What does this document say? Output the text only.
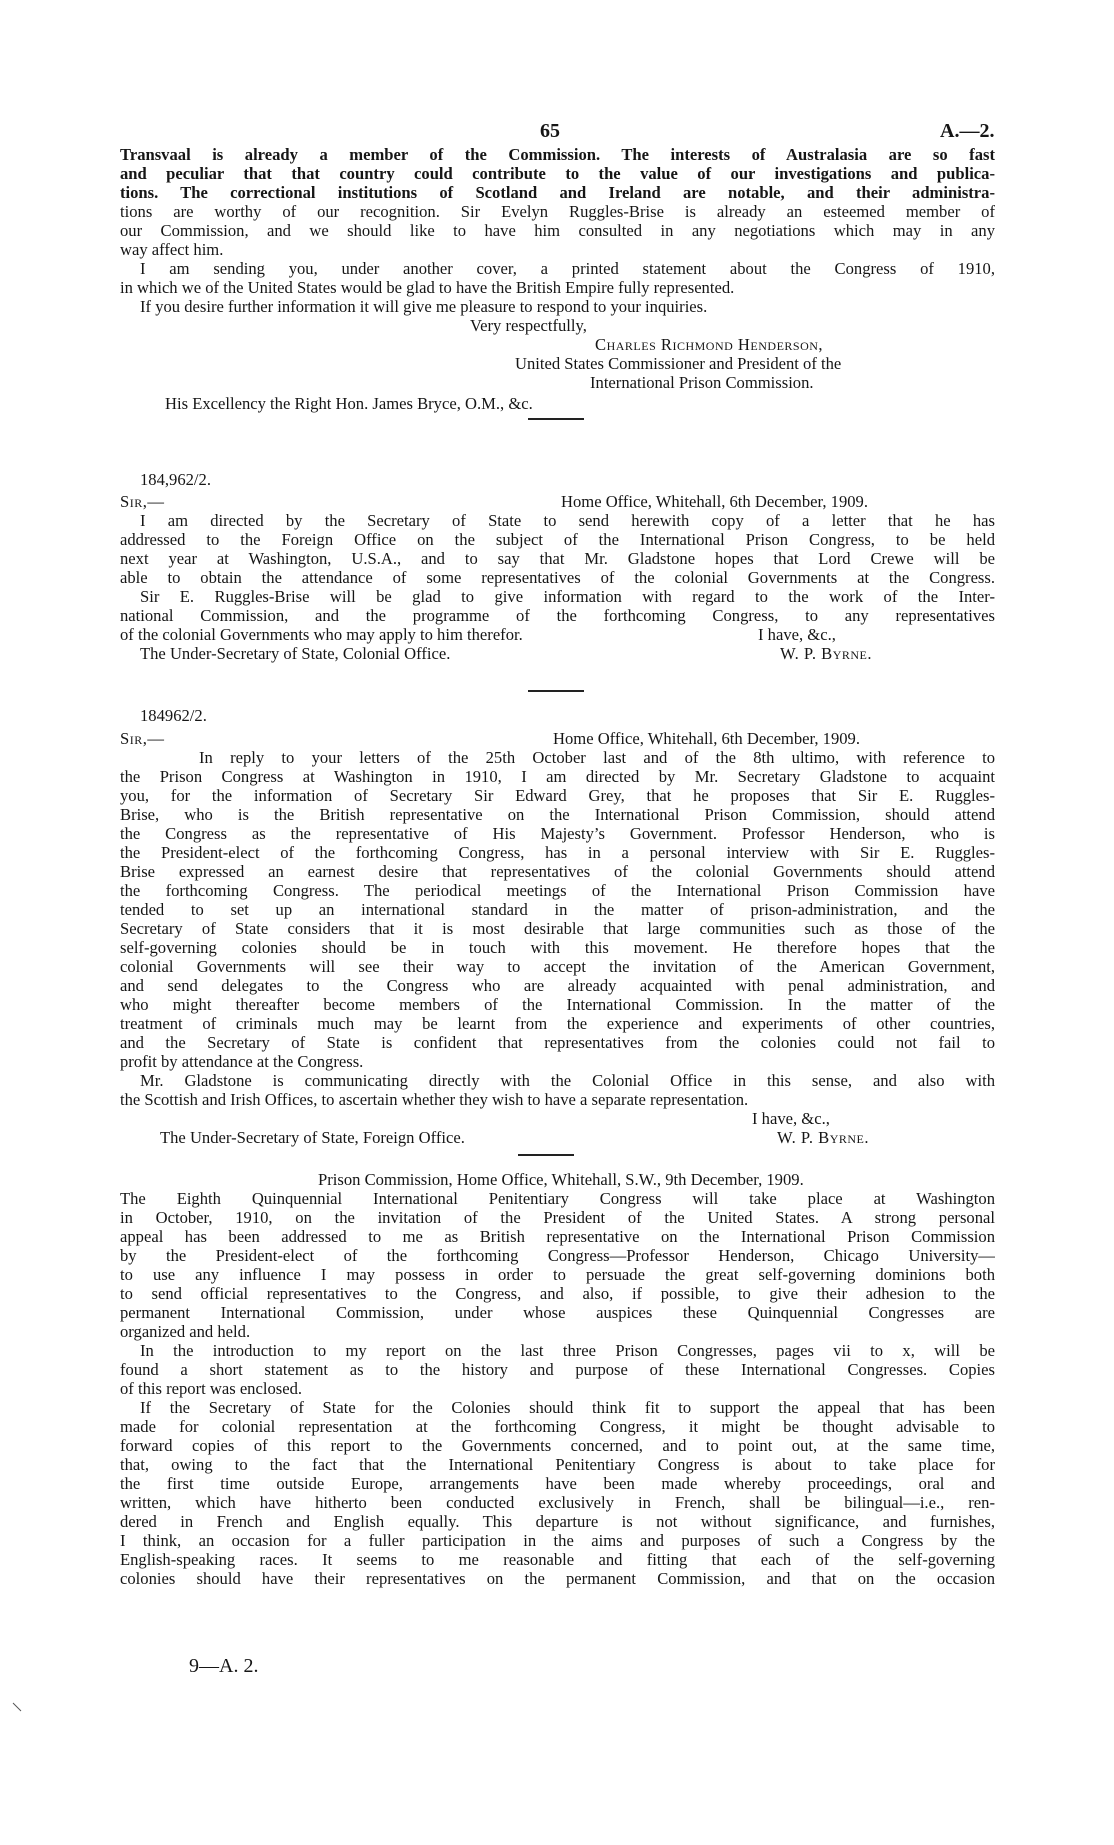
65	A.—2.
Transvaal is already a member of the Commission. The interests of Australasia are so fast
and peculiar that that country could contribute to the value of our investigations and publica-
tions. The correctional institutions of Scotland and Ireland are notable, and their administra-
tions are worthy of our recognition. Sir Evelyn Ruggles-Brise is already an esteemed member of
our Commission, and we should like to have him consulted in any negotiations which may in any
way affect him.
I am sending you, under another cover, a printed statement about the Congress of 1910,
in which we of the United States would be glad to have the British Empire fully represented.
If you desire further information it will give me pleasure to respond to your inquiries.
Very respectfully,
Charles Richmond Henderson,
United States Commissioner and President of the
International Prison Commission.
His Excellency the Right Hon. James Bryce, O.M., &c.
184,962/2.
Sir,—	Home Office, Whitehall, 6th December, 1909.
I am directed by the Secretary of State to send herewith copy of a letter that he has
addressed to the Foreign Office on the subject of the International Prison Congress, to be held
next year at Washington, U.S.A., and to say that Mr. Gladstone hopes that Lord Crewe will be
able to obtain the attendance of some representatives of the colonial Governments at the Congress.
Sir E. Ruggles-Brise will be glad to give information with regard to the work of the Inter-
national Commission, and the programme of the forthcoming Congress, to any representatives
of the colonial Governments who may apply to him therefor.	I have, &c.,
The Under-Secretary of State, Colonial Office.	W. P. Byrne.
184962/2.
Sir,—	Home Office, Whitehall, 6th December, 1909.
In reply to your letters of the 25th October last and of the 8th ultimo, with reference to
the Prison Congress at Washington in 1910, I am directed by Mr. Secretary Gladstone to acquaint
you, for the information of Secretary Sir Edward Grey, that he proposes that Sir E. Ruggles-
Brise, who is the British representative on the International Prison Commission, should attend
the Congress as the representative of His Majesty’s Government. Professor Henderson, who is
the President-elect of the forthcoming Congress, has in a personal interview with Sir E. Ruggles-
Brise expressed an earnest desire that representatives of the colonial Governments should attend
the forthcoming Congress. The periodical meetings of the International Prison Commission have
tended to set up an international standard in the matter of prison-administration, and the
Secretary of State considers that it is most desirable that large communities such as those of the
self-governing colonies should be in touch with this movement. He therefore hopes that the
colonial Governments will see their way to accept the invitation of the American Government,
and send delegates to the Congress who are already acquainted with penal administration, and
who might thereafter become members of the International Commission. In the matter of the
treatment of criminals much may be learnt from the experience and experiments of other countries,
and the Secretary of State is confident that representatives from the colonies could not fail to
profit by attendance at the Congress.
Mr. Gladstone is communicating directly with the Colonial Office in this sense, and also with
the Scottish and Irish Offices, to ascertain whether they wish to have a separate representation.
I have, &c.,
The Under-Secretary of State, Foreign Office.	W. P. Byrne.
Prison Commission, Home Office, Whitehall, S.W., 9th December, 1909.
The Eighth Quinquennial International Penitentiary Congress will take place at Washington
in October, 1910, on the invitation of the President of the United States. A strong personal
appeal has been addressed to me as British representative on the International Prison Commission
by the President-elect of the forthcoming Congress—Professor Henderson, Chicago University—
to use any influence I may possess in order to persuade the great self-governing dominions both
to send official representatives to the Congress, and also, if possible, to give their adhesion to the
permanent International Commission, under whose auspices these Quinquennial Congresses are
organized and held.
In the introduction to my report on the last three Prison Congresses, pages vii to x, will be
found a short statement as to the history and purpose of these International Congresses. Copies
of this report was enclosed.
If the Secretary of State for the Colonies should think fit to support the appeal that has been
made for colonial representation at the forthcoming Congress, it might be thought advisable to
forward copies of this report to the Governments concerned, and to point out, at the same time,
that, owing to the fact that the International Penitentiary Congress is about to take place for
the first time outside Europe, arrangements have been made whereby proceedings, oral and
written, which have hitherto been conducted exclusively in French, shall be bilingual—i.e., ren-
dered in French and English equally. This departure is not without significance, and furnishes,
I think, an occasion for a fuller participation in the aims and purposes of such a Congress by the
English-speaking races. It seems to me reasonable and fitting that each of the self-governing
colonies should have their representatives on the permanent Commission, and that on the occasion
9—A. 2.
